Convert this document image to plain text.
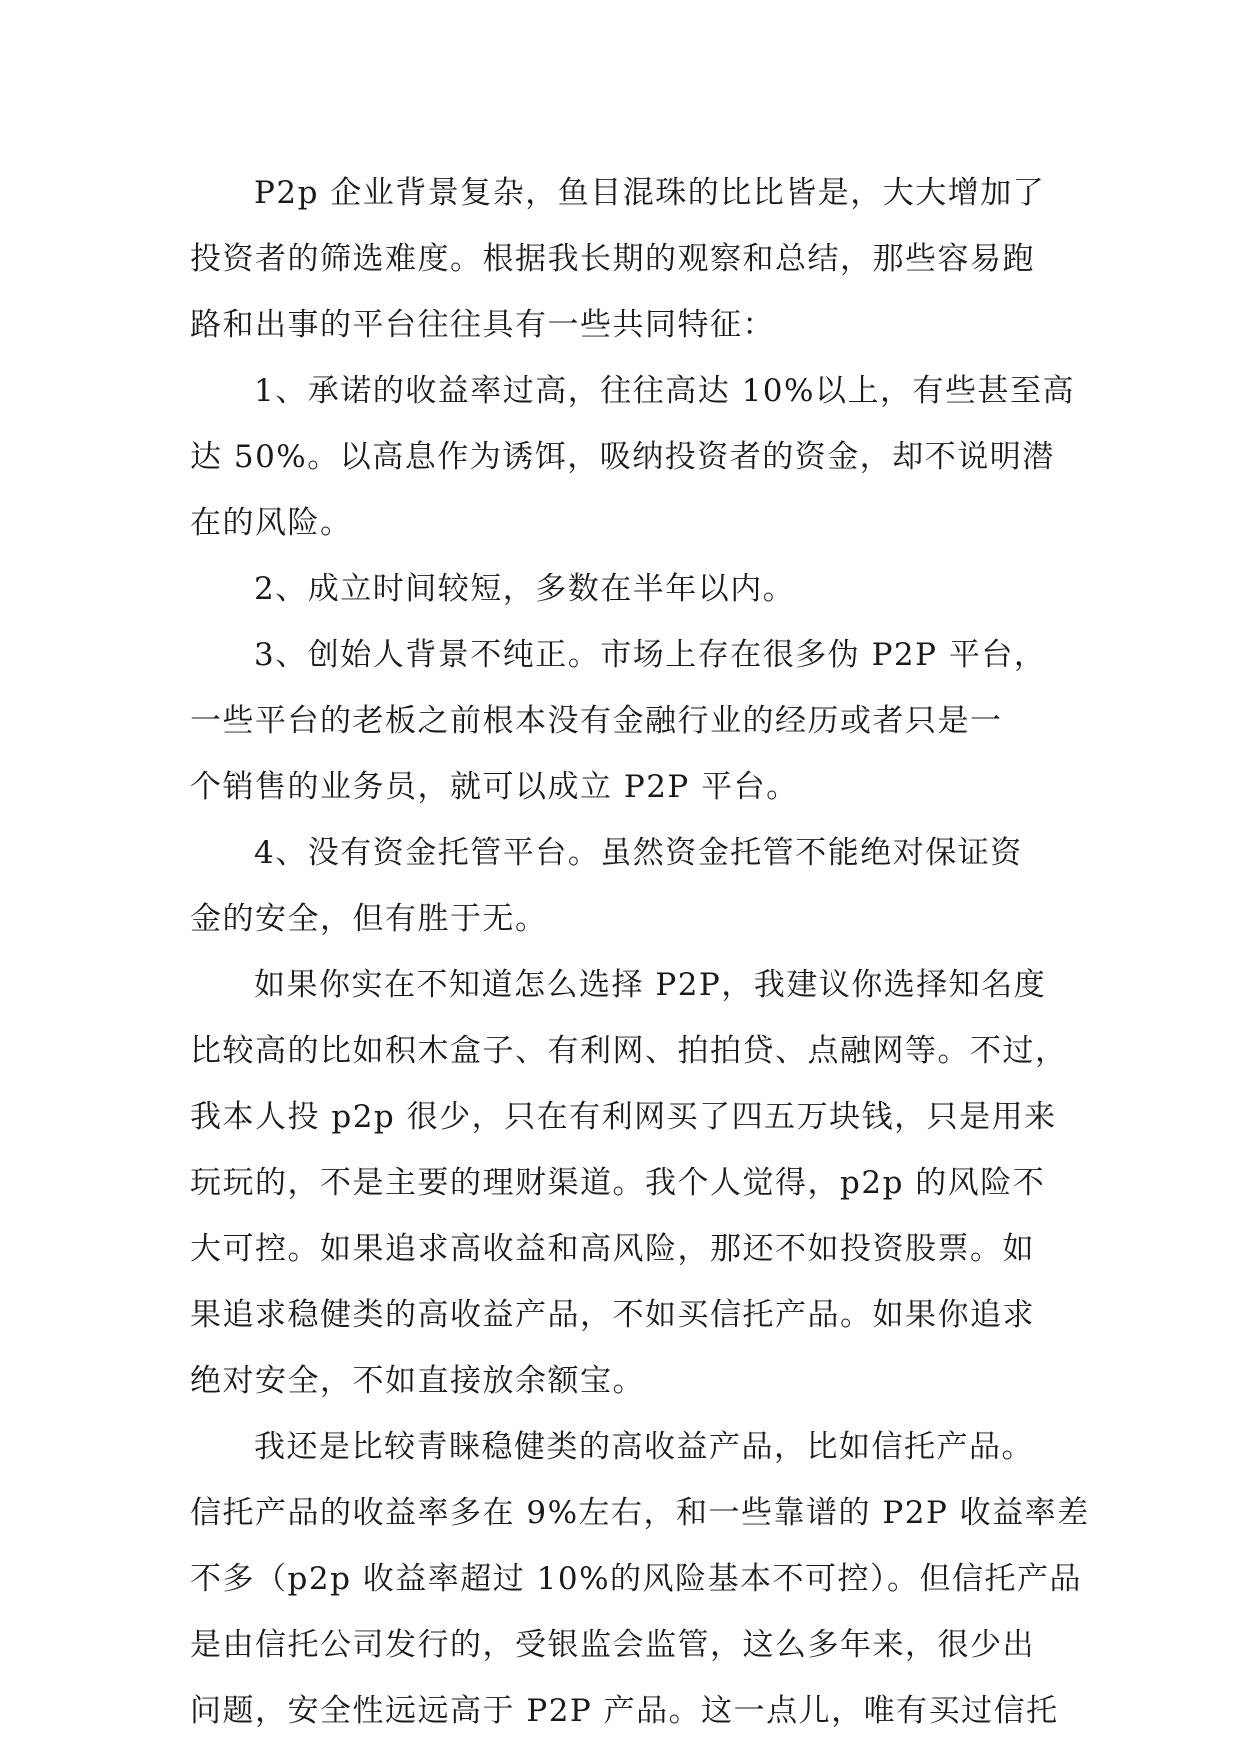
P2p 企业背景复杂，鱼目混珠的比比皆是，大大增加了
投资者的筛选难度。根据我长期的观察和总结，那些容易跑
路和出事的平台往往具有一些共同特征：
1、承诺的收益率过高，往往高达 10%以上，有些甚至高
达 50%。以高息作为诱饵，吸纳投资者的资金，却不说明潜
在的风险。
2、成立时间较短，多数在半年以内。
3、创始人背景不纯正。市场上存在很多伪 P2P 平台，
一些平台的老板之前根本没有金融行业的经历或者只是一
个销售的业务员，就可以成立 P2P 平台。
4、没有资金托管平台。虽然资金托管不能绝对保证资
金的安全，但有胜于无。
如果你实在不知道怎么选择 P2P，我建议你选择知名度
比较高的比如积木盒子、有利网、拍拍贷、点融网等。不过，
我本人投 p2p 很少，只在有利网买了四五万块钱，只是用来
玩玩的，不是主要的理财渠道。我个人觉得，p2p 的风险不
大可控。如果追求高收益和高风险，那还不如投资股票。如
果追求稳健类的高收益产品，不如买信托产品。如果你追求
绝对安全，不如直接放余额宝。
我还是比较青睐稳健类的高收益产品，比如信托产品。
信托产品的收益率多在 9%左右，和一些靠谱的 P2P 收益率差
不多（p2p 收益率超过 10%的风险基本不可控）。但信托产品
是由信托公司发行的，受银监会监管，这么多年来，很少出
问题，安全性远远高于 P2P 产品。这一点儿，唯有买过信托
